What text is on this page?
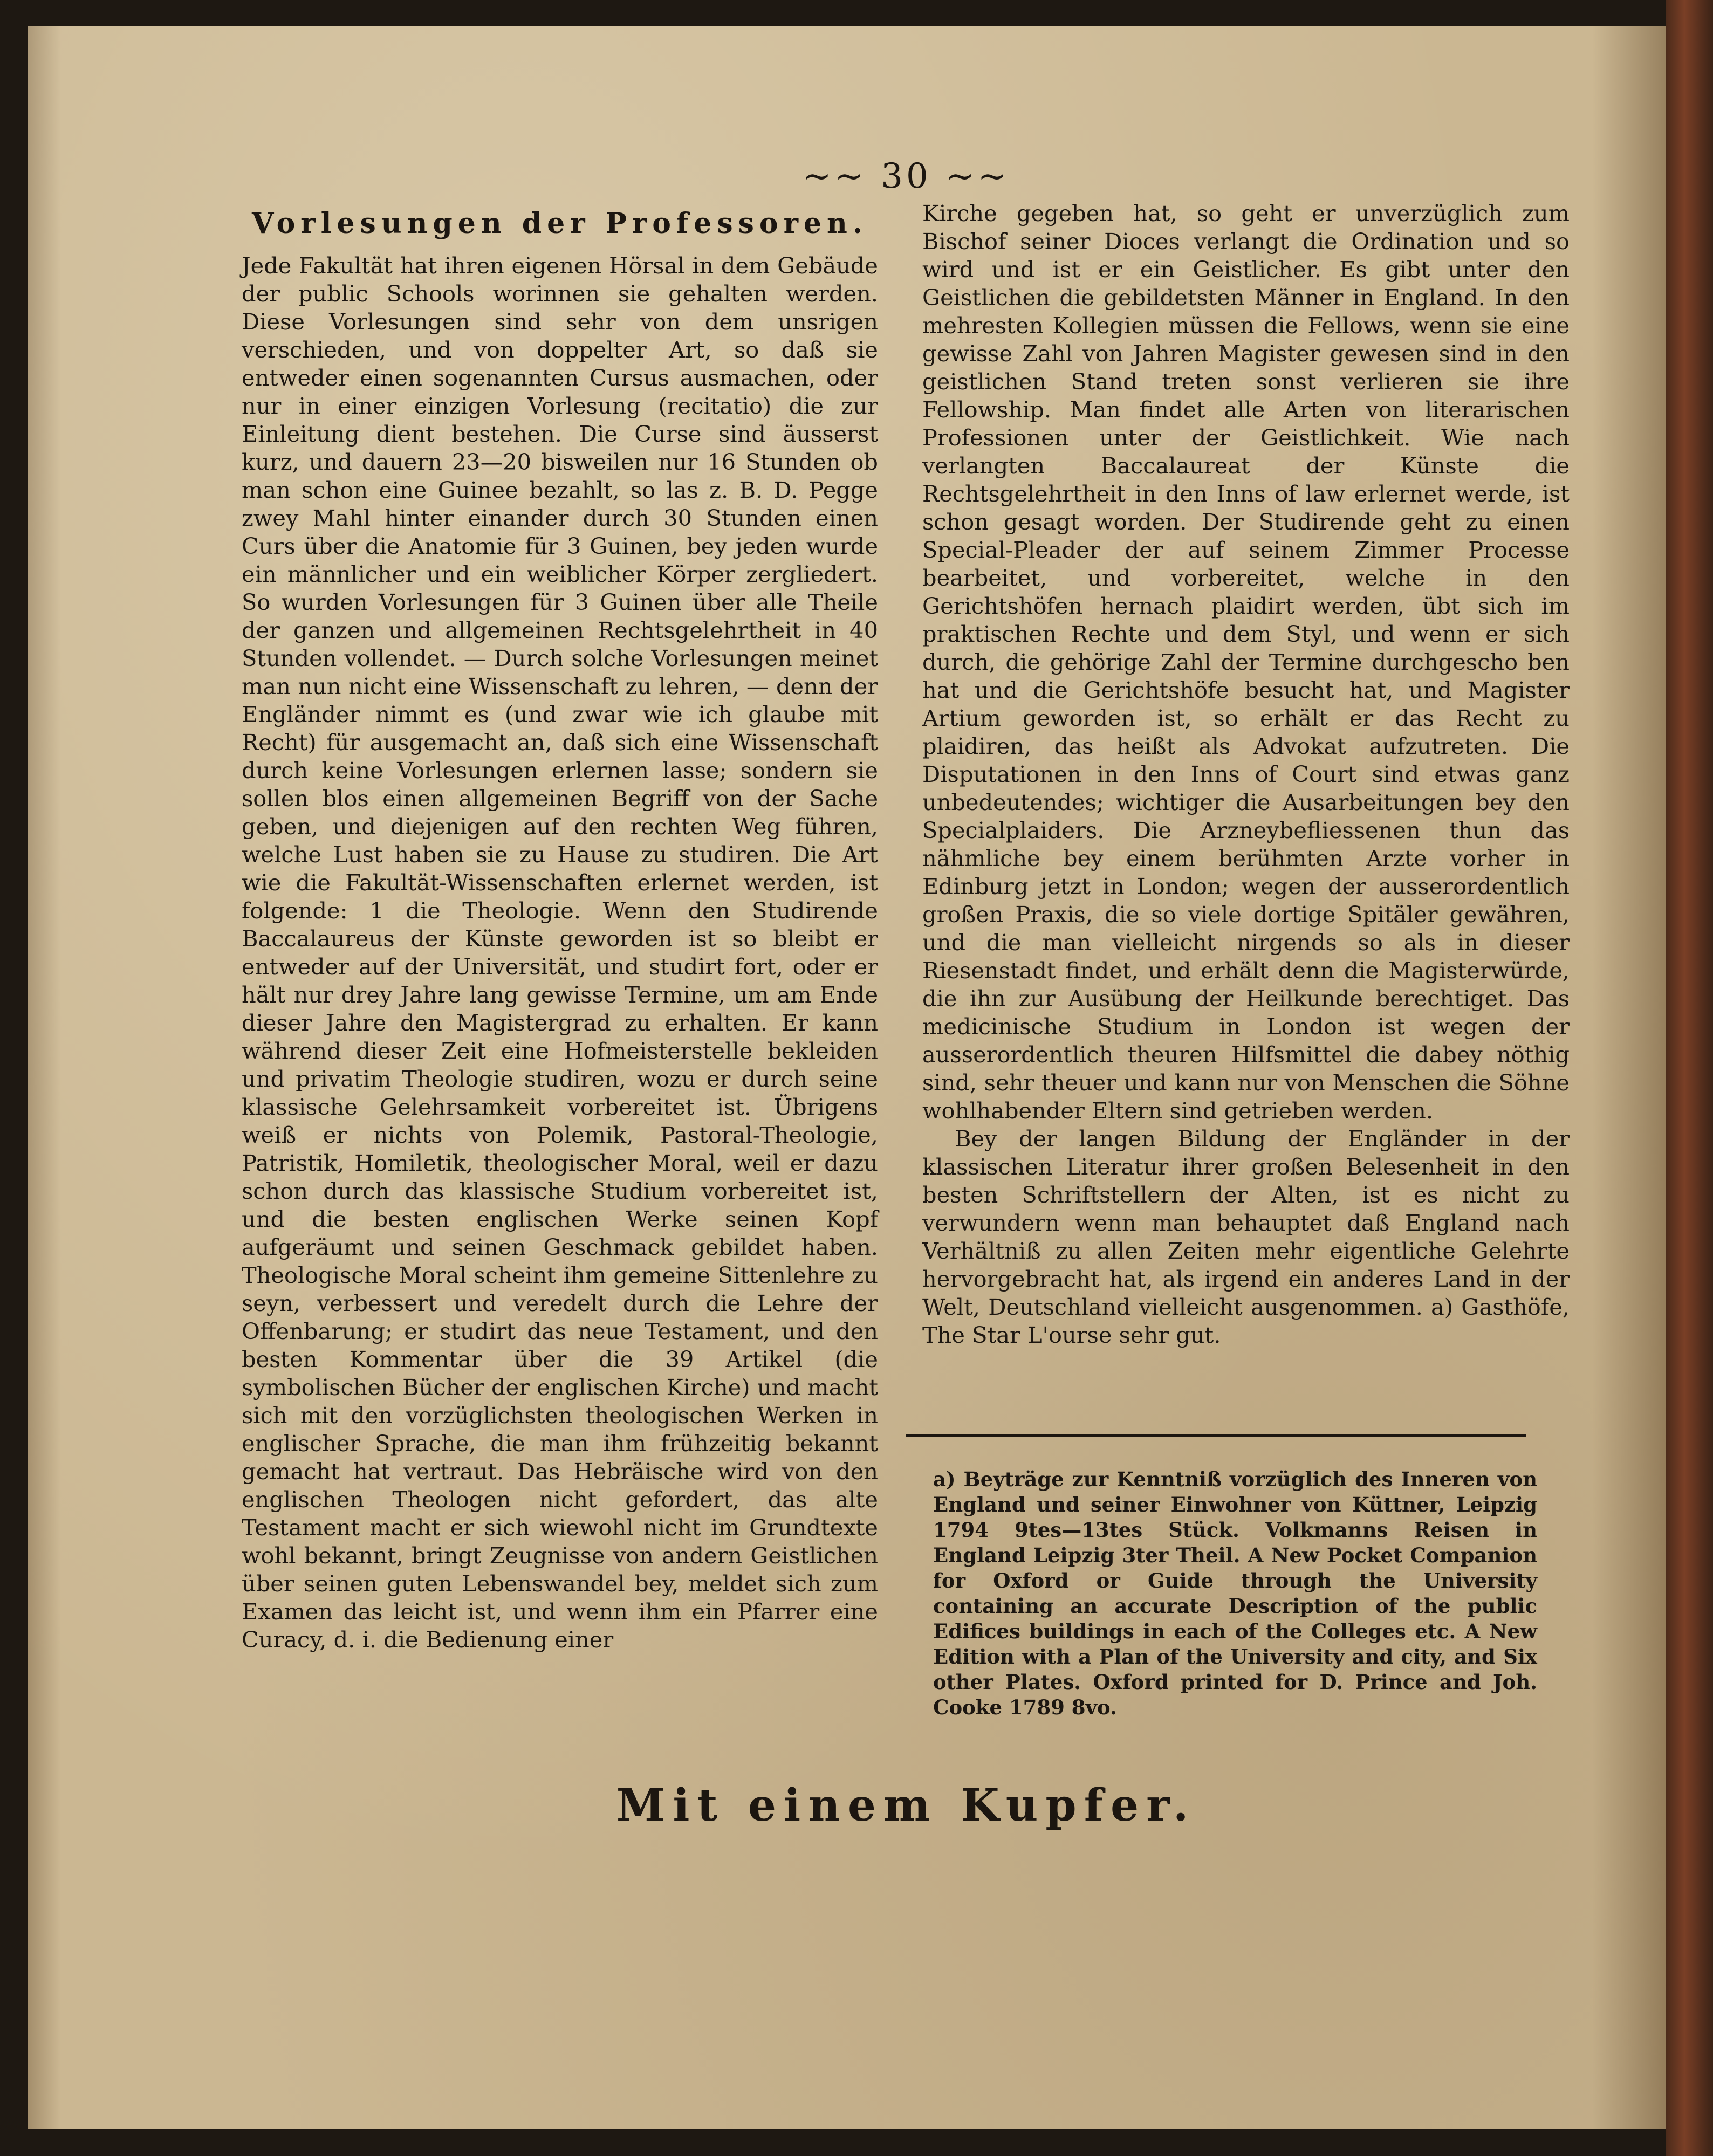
~~ 30 ~~
Vorlesungen der Professoren.

Jede Fakultät hat ihren eigenen Hörsal in dem Gebäude der public Schools worinnen sie gehalten werden. Diese Vorlesungen sind sehr von dem unsrigen verschieden, und von doppelter Art, so daß sie entweder einen sogenannten Cursus ausmachen, oder nur in einer einzigen Vorlesung (recitatio) die zur Einleitung dient bestehen. Die Curse sind äusserst kurz, und dauern 23—20 bisweilen nur 16 Stunden ob man schon eine Guinee bezahlt, so las z. B. D. Pegge zwey Mahl hinter einander durch 30 Stunden einen Curs über die Anatomie für 3 Guinen, bey jeden wurde ein männlicher und ein weiblicher Körper zergliedert. So wurden Vorlesungen für 3 Guinen über alle Theile der ganzen und allgemeinen Rechtsgelehrtheit in 40 Stunden vollendet. — Durch solche Vorlesungen meinet man nun nicht eine Wissenschaft zu lehren, — denn der Engländer nimmt es (und zwar wie ich glaube mit Recht) für ausgemacht an, daß sich eine Wissenschaft durch keine Vorlesungen erlernen lasse; sondern sie sollen blos einen allgemeinen Begriff von der Sache geben, und diejenigen auf den rechten Weg führen, welche Lust haben sie zu Hause zu studiren. Die Art wie die Fakultät-Wissenschaften erlernet werden, ist folgende: 1 die Theologie. Wenn den Studirende Baccalaureus der Künste geworden ist so bleibt er entweder auf der Universität, und studirt fort, oder er hält nur drey Jahre lang gewisse Termine, um am Ende dieser Jahre den Magistergrad zu erhalten. Er kann während dieser Zeit eine Hofmeisterstelle bekleiden und privatim Theologie studiren, wozu er durch seine klassische Gelehrsamkeit vorbereitet ist. Übrigens weiß er nichts von Polemik, Pastoral-Theologie, Patristik, Homiletik, theologischer Moral, weil er dazu schon durch das klassische Studium vorbereitet ist, und die besten englischen Werke seinen Kopf aufgeräumt und seinen Geschmack gebildet haben. Theologische Moral scheint ihm gemeine Sittenlehre zu seyn, verbessert und veredelt durch die Lehre der Offenbarung; er studirt das neue Testament, und den besten Kommentar über die 39 Artikel (die symbolischen Bücher der englischen Kirche) und macht sich mit den vorzüglichsten theologischen Werken in englischer Sprache, die man ihm frühzeitig bekannt gemacht hat vertraut. Das Hebräische wird von den englischen Theologen nicht gefordert, das alte Testament macht er sich wiewohl nicht im Grundtexte wohl bekannt, bringt Zeugnisse von andern Geistlichen über seinen guten Lebenswandel bey, meldet sich zum Examen das leicht ist, und wenn ihm ein Pfarrer eine Curacy, d. i. die Bedienung einer

Kirche gegeben hat, so geht er unverzüglich zum Bischof seiner Dioces verlangt die Ordination und so wird und ist er ein Geistlicher. Es gibt unter den Geistlichen die gebildetsten Männer in England. In den mehresten Kollegien müssen die Fellows, wenn sie eine gewisse Zahl von Jahren Magister gewesen sind in den geistlichen Stand treten sonst verlieren sie ihre Fellowship. Man findet alle Arten von literarischen Professionen unter der Geistlichkeit. Wie nach verlangten Baccalaureat der Künste die Rechtsgelehrtheit in den Inns of law erlernet werde, ist schon gesagt worden. Der Studirende geht zu einen Special-Pleader der auf seinem Zimmer Processe bearbeitet, und vorbereitet, welche in den Gerichtshöfen hernach plaidirt werden, übt sich im praktischen Rechte und dem Styl, und wenn er sich durch, die gehörige Zahl der Termine durchgescho ben hat und die Gerichtshöfe besucht hat, und Magister Artium geworden ist, so erhält er das Recht zu plaidiren, das heißt als Advokat aufzutreten. Die Disputationen in den Inns of Court sind etwas ganz unbedeutendes; wichtiger die Ausarbeitungen bey den Specialplaiders. Die Arzneybefliessenen thun das nähmliche bey einem berühmten Arzte vorher in Edinburg jetzt in London; wegen der ausserordentlich großen Praxis, die so viele dortige Spitäler gewähren, und die man vielleicht nirgends so als in dieser Riesenstadt findet, und erhält denn die Magisterwürde, die ihn zur Ausübung der Heilkunde berechtiget. Das medicinische Studium in London ist wegen der ausserordentlich theuren Hilfsmittel die dabey nöthig sind, sehr theuer und kann nur von Menschen die Söhne wohlhabender Eltern sind getrieben werden.

Bey der langen Bildung der Engländer in der klassischen Literatur ihrer großen Belesenheit in den besten Schriftstellern der Alten, ist es nicht zu verwundern wenn man behauptet daß England nach Verhältniß zu allen Zeiten mehr eigentliche Gelehrte hervorgebracht hat, als irgend ein anderes Land in der Welt, Deutschland vielleicht ausgenommen. a) Gasthöfe, The Star L'ourse sehr gut.

a) Beyträge zur Kenntniß vorzüglich des Inneren von England und seiner Einwohner von Küttner, Leipzig 1794 9tes—13tes Stück. Volkmanns Reisen in England Leipzig 3ter Theil. A New Pocket Companion for Oxford or Guide through the University containing an accurate Description of the public Edifices buildings in each of the Colleges etc. A New Edition with a Plan of the University and city, and Six other Plates. Oxford printed for D. Prince and Joh. Cooke 1789 8vo.
Mit einem Kupfer.
